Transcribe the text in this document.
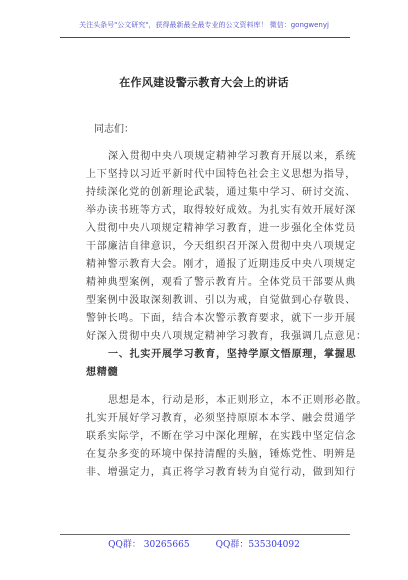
关注头条号"公文研究"，获得最新最全最专业的公文资料库！ 微信：gongwenyj
在作风建设警示教育大会上的讲话
同志们：
深入贯彻中央八项规定精神学习教育开展以来，系统
上下坚持以习近平新时代中国特色社会主义思想为指导，
持续深化党的创新理论武装，通过集中学习、研讨交流、
举办读书班等方式，取得较好成效。为扎实有效开展好深
入贯彻中央八项规定精神学习教育，进一步强化全体党员
干部廉洁自律意识，今天组织召开深入贯彻中央八项规定
精神警示教育大会。刚才，通报了近期违反中央八项规定
精神典型案例，观看了警示教育片。全体党员干部要从典
型案例中汲取深刻教训、引以为戒，自觉做到心存敬畏、
警钟长鸣。下面，结合本次警示教育要求，就下一步开展
好深入贯彻中央八项规定精神学习教育，我强调几点意见：
一、扎实开展学习教育，坚持学原文悟原理，掌握思
想精髓
思想是本，行动是形，本正则形立，本不正则形必散。
扎实开展好学习教育，必须坚持原原本本学、融会贯通学
联系实际学，不断在学习中深化理解，在实践中坚定信念
在复杂多变的环境中保持清醒的头脑，锤炼党性、明辨是
非、增强定力，真正将学习教育转为自觉行动，做到知行
QQ群： 30265665	QQ群：535304092
